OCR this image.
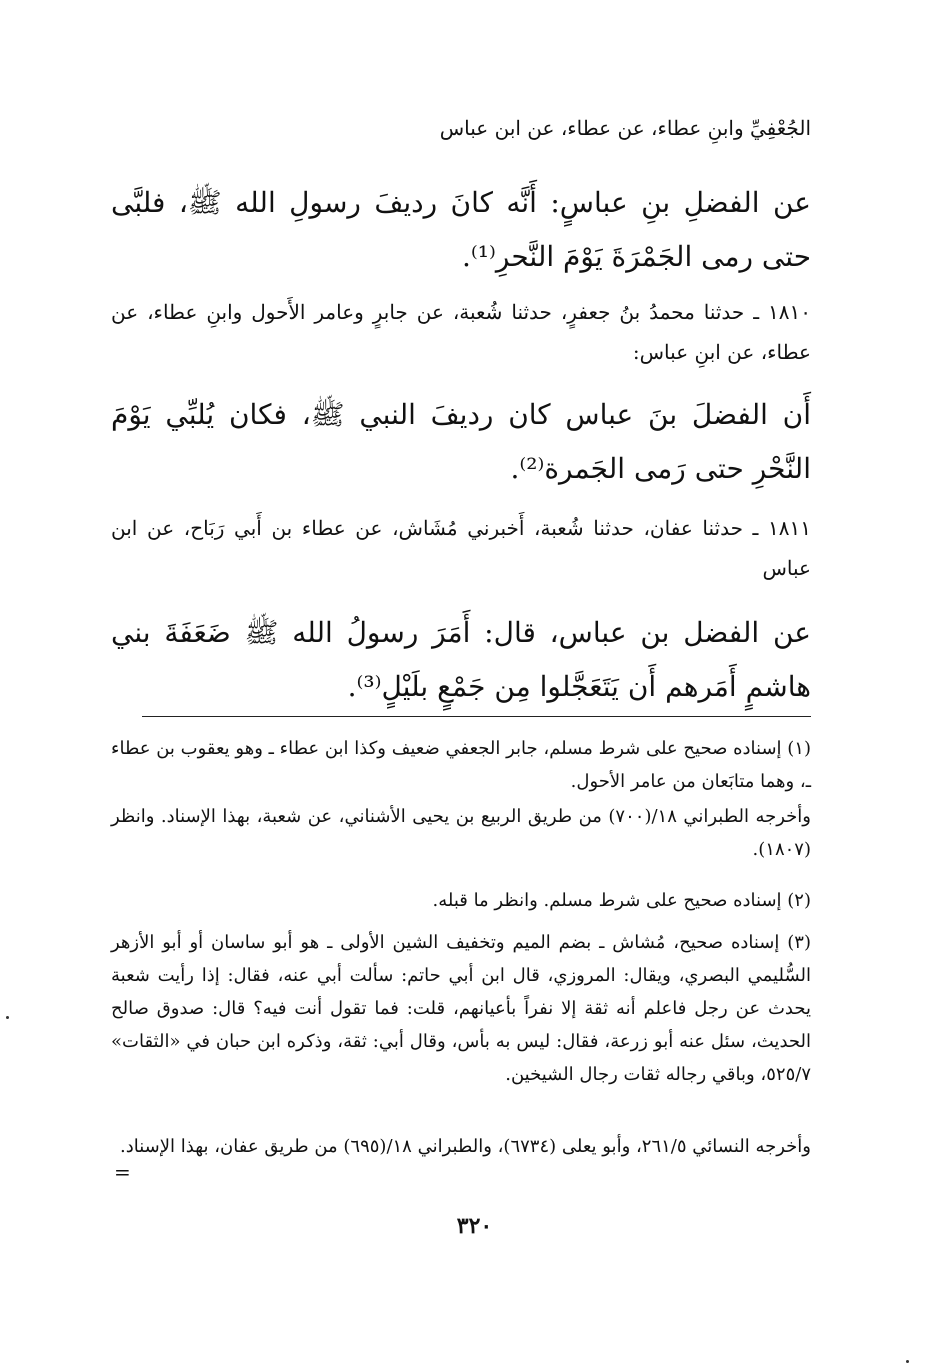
الجُعْفِيِّ وابنِ عطاء، عن عطاء، عن ابن عباس

عن الفضلِ بنِ عباسٍ: أَنَّه كانَ رديفَ رسولِ الله ﷺ، فلبَّى حتى رمى الجَمْرَةَ يَوْمَ النَّحرِ⁽¹⁾.

١٨١٠ ـ حدثنا محمدُ بنُ جعفرٍ، حدثنا شُعبة، عن جابرٍ وعامر الأَحول وابنِ عطاء، عن عطاء، عن ابنِ عباس:

أَن الفضلَ بنَ عباس كان رديفَ النبي ﷺ، فكان يُلبِّي يَوْمَ النَّحْرِ حتى رَمى الجَمرة⁽²⁾.

١٨١١ ـ حدثنا عفان، حدثنا شُعبة، أَخبرني مُشَاش، عن عطاء بن أَبي رَبَاح، عن ابن عباس

عن الفضل بن عباس، قال: أَمَرَ رسولُ الله ﷺ ضَعَفَةَ بني هاشمٍ أَمَرهم أَن يَتَعَجَّلوا مِن جَمْعٍ بلَيْلٍ⁽³⁾.

(١) إسناده صحيح على شرط مسلم، جابر الجعفي ضعيف وكذا ابن عطاء ـ وهو يعقوب بن عطاء ـ، وهما متابَعان من عامر الأحول.

وأخرجه الطبراني ١٨/(٧٠٠) من طريق الربيع بن يحيى الأشناني، عن شعبة، بهذا الإسناد. وانظر (١٨٠٧).

(٢) إسناده صحيح على شرط مسلم. وانظر ما قبله.

(٣) إسناده صحيح، مُشاش ـ بضم الميم وتخفيف الشين الأولى ـ هو أبو ساسان أو أبو الأزهر السُّليمي البصري، ويقال: المروزي، قال ابن أبي حاتم: سألت أبي عنه، فقال: إذا رأيت شعبة يحدث عن رجل فاعلم أنه ثقة إلا نفراً بأعيانهم، قلت: فما تقول أنت فيه؟ قال: صدوق صالح الحديث، سئل عنه أبو زرعة، فقال: ليس به بأس، وقال أبي: ثقة، وذكره ابن حبان في «الثقات» ٥٢٥/٧، وباقي رجاله ثقات رجال الشيخين.

وأخرجه النسائي ٢٦١/٥، وأبو يعلى (٦٧٣٤)، والطبراني ١٨/(٦٩٥) من طريق عفان، بهذا الإسناد.

=
٣٢٠
